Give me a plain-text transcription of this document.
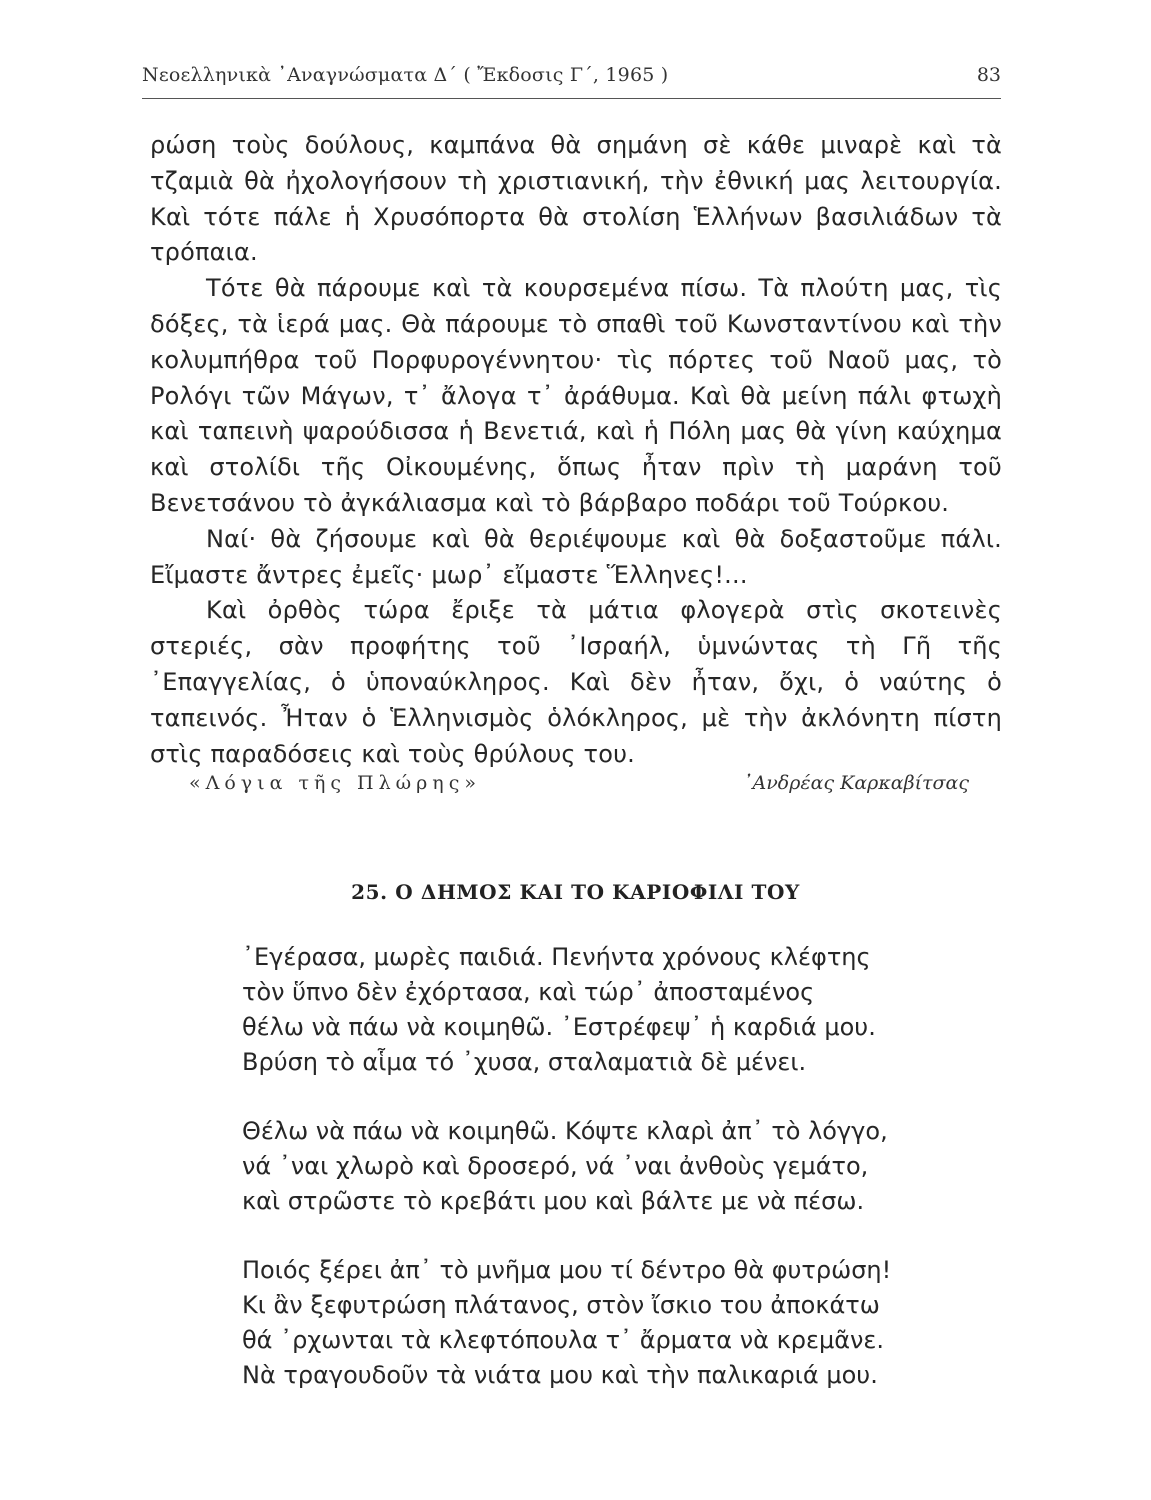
Νεοελληνικὰ ᾿Αναγνώσματα Δ΄ ( Ἔκδοσις Γ΄, 1965 )	83

ρώση τοὺς δούλους, καμπάνα θὰ σημάνη σὲ κάθε μιναρὲ καὶ τὰ τζαμιὰ θὰ ἠχολογήσουν τὴ χριστιανική, τὴν ἐθνική μας λειτουργία. Καὶ τότε πάλε ἡ Χρυσόπορτα θὰ στολίση Ἑλλήνων βασιλιάδων τὰ τρόπαια.

Τότε θὰ πάρουμε καὶ τὰ κουρσεμένα πίσω. Τὰ πλούτη μας, τὶς δόξες, τὰ ἱερά μας. Θὰ πάρουμε τὸ σπαθὶ τοῦ Κωνσταντίνου καὶ τὴν κολυμπήθρα τοῦ Πορφυρογέννητου· τὶς πόρτες τοῦ Ναοῦ μας, τὸ Ρολόγι τῶν Μάγων, τ᾿ ἄλογα τ᾿ ἀράθυμα. Καὶ θὰ μείνη πάλι φτωχὴ καὶ ταπεινὴ ψαρούδισσα ἡ Βενετιά, καὶ ἡ Πόλη μας θὰ γίνη καύχημα καὶ στολίδι τῆς Οἰκουμένης, ὅπως ἦταν πρὶν τὴ μαράνη τοῦ Βενετσάνου τὸ ἀγκάλιασμα καὶ τὸ βάρβαρο ποδάρι τοῦ Τούρκου.

Ναί· θὰ ζήσουμε καὶ θὰ θεριέψουμε καὶ θὰ δοξαστοῦμε πάλι. Εἴμαστε ἄντρες ἐμεῖς· μωρ᾿ εἴμαστε Ἕλληνες!...

Καὶ ὀρθὸς τώρα ἔριξε τὰ μάτια φλογερὰ στὶς σκοτεινὲς στεριές, σὰν προφήτης τοῦ ᾿Ισραήλ, ὑμνώντας τὴ Γῆ τῆς ᾿Επαγγελίας, ὁ ὑποναύκληρος. Καὶ δὲν ἦταν, ὄχι, ὁ ναύτης ὁ ταπεινός. Ἦταν ὁ Ἑλληνισμὸς ὁλόκληρος, μὲ τὴν ἀκλόνητη πίστη στὶς παραδόσεις καὶ τοὺς θρύλους του.

«Λόγια τῆς Πλώρης»	᾿Ανδρέας Καρκαβίτσας
25. Ο ΔΗΜΟΣ ΚΑΙ ΤΟ ΚΑΡΙΟΦΙΛΙ ΤΟΥ
᾿Εγέρασα, μωρὲς παιδιά. Πενήντα χρόνους κλέφτης
τὸν ὕπνο δὲν ἐχόρτασα, καὶ τώρ᾿ ἀποσταμένος
θέλω νὰ πάω νὰ κοιμηθῶ. ᾿Εστρέφεψ᾿ ἡ καρδιά μου.
Βρύση τὸ αἷμα τό ᾿χυσα, σταλαματιὰ δὲ μένει.
Θέλω νὰ πάω νὰ κοιμηθῶ. Κόψτε κλαρὶ ἀπ᾿ τὸ λόγγο,
νά ᾿ναι χλωρὸ καὶ δροσερό, νά ᾿ναι ἀνθοὺς γεμάτο,
καὶ στρῶστε τὸ κρεβάτι μου καὶ βάλτε με νὰ πέσω.
Ποιός ξέρει ἀπ᾿ τὸ μνῆμα μου τί δέντρο θὰ φυτρώση!
Κι ἂν ξεφυτρώση πλάτανος, στὸν ἴσκιο του ἀποκάτω
θά ᾿ρχωνται τὰ κλεφτόπουλα τ᾿ ἄρματα νὰ κρεμᾶνε.
Νὰ τραγουδοῦν τὰ νιάτα μου καὶ τὴν παλικαριά μου.
